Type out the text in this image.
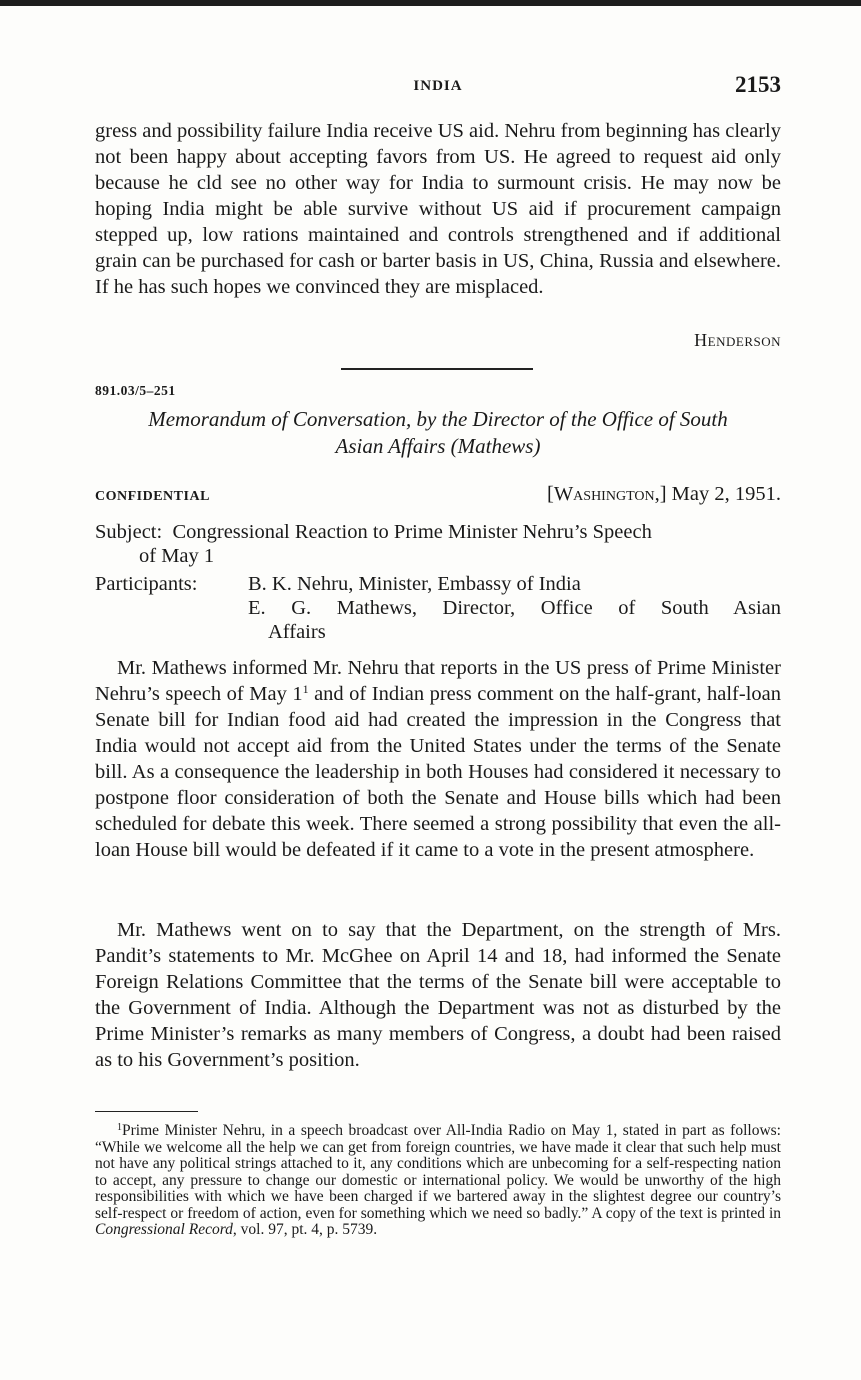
INDIA	2153

gress and possibility failure India receive US aid. Nehru from beginning has clearly not been happy about accepting favors from US. He agreed to request aid only because he cld see no other way for India to surmount crisis. He may now be hoping India might be able survive without US aid if procurement campaign stepped up, low rations maintained and controls strengthened and if additional grain can be purchased for cash or barter basis in US, China, Russia and elsewhere. If he has such hopes we convinced they are misplaced.

Henderson
891.03/5–251
Memorandum of Conversation, by the Director of the Office of South
Asian Affairs (Mathews)
CONFIDENTIAL	[Washington,] May 2, 1951.
Subject: Congressional Reaction to Prime Minister Nehru’s Speech
of May 1
Participants: B. K. Nehru, Minister, Embassy of India
E. G. Mathews, Director, Office of South Asian
Affairs

Mr. Mathews informed Mr. Nehru that reports in the US press of Prime Minister Nehru’s speech of May $1^1$ and of Indian press comment on the half-grant, half-loan Senate bill for Indian food aid had created the impression in the Congress that India would not accept aid from the United States under the terms of the Senate bill. As a consequence the leadership in both Houses had considered it necessary to postpone floor consideration of both the Senate and House bills which had been scheduled for debate this week. There seemed a strong possibility that even the all-loan House bill would be defeated if it came to a vote in the present atmosphere.

Mr. Mathews went on to say that the Department, on the strength of Mrs. Pandit’s statements to Mr. McGhee on April 14 and 18, had informed the Senate Foreign Relations Committee that the terms of the Senate bill were acceptable to the Government of India. Although the Department was not as disturbed by the Prime Minister’s remarks as many members of Congress, a doubt had been raised as to his Government’s position.

$^1$Prime Minister Nehru, in a speech broadcast over All-India Radio on May 1, stated in part as follows: “While we welcome all the help we can get from foreign countries, we have made it clear that such help must not have any political strings attached to it, any conditions which are unbecoming for a self-respecting nation to accept, any pressure to change our domestic or international policy. We would be unworthy of the high responsibilities with which we have been charged if we bartered away in the slightest degree our country’s self-respect or freedom of action, even for something which we need so badly.” A copy of the text is printed in Congressional Record, vol. 97, pt. 4, p. 5739.
